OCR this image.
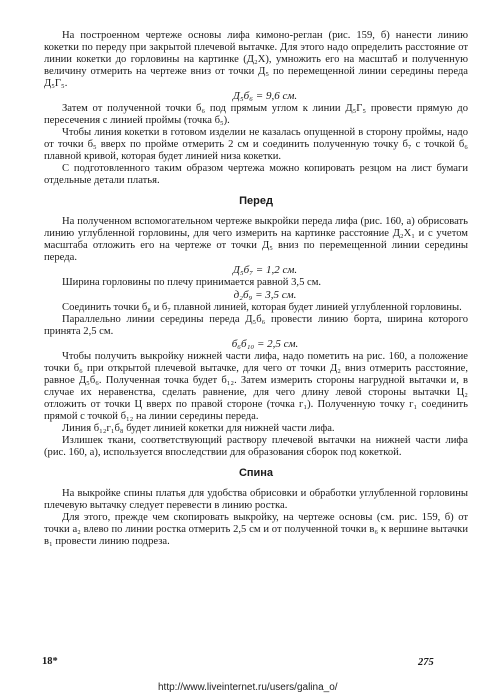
На построенном чертеже основы лифа кимоно-реглан (рис. 159, б) нанести линию кокетки по переду при закрытой плечевой вытачке. Для этого надо определить расстояние от линии кокетки до горловины на картинке (Д₂Х), умножить его на масштаб и полученную величину отмерить на чертеже вниз от точки Д₅ по перемещенной линии середины переда Д₅Г₅.

Д₅б₆ = 9,6 см.

Затем от полученной точки б₆ под прямым углом к линии Д₅Г₅ провести прямую до пересечения с линией проймы (точка б₅).

Чтобы линия кокетки в готовом изделии не казалась опущенной в сторону проймы, надо от точки б₅ вверх по пройме отмерить 2 см и соединить полученную точку б₇ с точкой б₆ плавной кривой, которая будет линией низа кокетки.

С подготовленного таким образом чертежа можно копировать резцом на лист бумаги отдельные детали платья.

Перед

На полученном вспомогательном чертеже выкройки переда лифа (рис. 160, а) обрисовать линию углубленной горловины, для чего измерить на картинке расстояние Д₂Х₁ и с учетом масштаба отложить его на чертеже от точки Д₅ вниз по перемещенной линии середины переда.

Д₅б₇ = 1,2 см.

Ширина горловины по плечу принимается равной 3,5 см.

д₂б₉ = 3,5 см.

Соединить точки б₈ и б₇ плавной линией, которая будет линией углубленной горловины.

Параллельно линии середины переда Д₅б₆ провести линию борта, ширина которого принята 2,5 см.

б₆б₁₀ = 2,5 см.

Чтобы получить выкройку нижней части лифа, надо пометить на рис. 160, а положение точки б₆ при открытой плечевой вытачке, для чего от точки Д₂ вниз отмерить расстояние, равное Д₅б₆. Полученная точка будет б₁₂. Затем измерить стороны нагрудной вытачки и, в случае их неравенства, сделать равнение, для чего длину левой стороны вытачки Ц₂ отложить от точки Ц вверх по правой стороне (точка г₁). Полученную точку г₁ соединить прямой с точкой б₁₂ на линии середины переда.

Линия б₁₂г₁б₈ будет линией кокетки для нижней части лифа.

Излишек ткани, соответствующий раствору плечевой вытачки на нижней части лифа (рис. 160, а), используется впоследствии для образования сборок под кокеткой.

Спина

На выкройке спины платья для удобства обрисовки и обработки углубленной горловины плечевую вытачку следует перевести в линию ростка.

Для этого, прежде чем скопировать выкройку, на чертеже основы (см. рис. 159, б) от точки а₂ влево по линии ростка отмерить 2,5 см и от полученной точки в₆ к вершине вытачки в₁ провести линию подреза.

18*	275
http://www.liveinternet.ru/users/galina_o/
